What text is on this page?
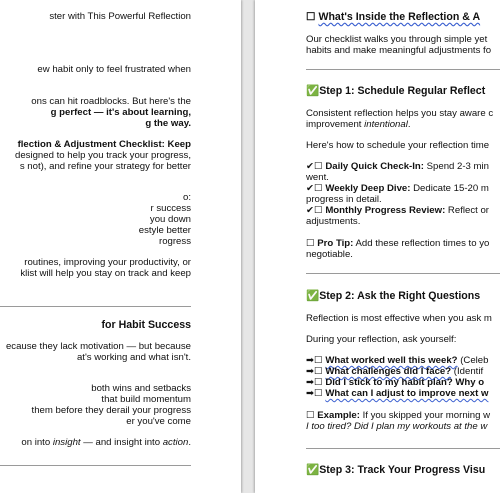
ster with This Powerful Reflection
ew habit only to feel frustrated when
ons can hit roadblocks. But here's the
g perfect — it's about learning,
g the way.
flection & Adjustment Checklist: Keep
designed to help you track your progress,
s not), and refine your strategy for better
o:
r success
you down
estyle better
rogress
routines, improving your productivity, or
klist will help you stay on track and keep
for Habit Success
ecause they lack motivation — but because
at's working and what isn't.
both wins and setbacks
that build momentum
them before they derail your progress
er you've come
on into insight — and insight into action.
☐ What's Inside the Reflection & A
Our checklist walks you through simple yet
habits and make meaningful adjustments fo
✅Step 1: Schedule Regular Reflect
Consistent reflection helps you stay aware c
improvement intentional.
Here's how to schedule your reflection time
✔☐ Daily Quick Check-In: Spend 2-3 min
went.
✔☐ Weekly Deep Dive: Dedicate 15-20 m
progress in detail.
✔☐ Monthly Progress Review: Reflect or
adjustments.
☐ Pro Tip: Add these reflection times to yo
negotiable.
✅Step 2: Ask the Right Questions
Reflection is most effective when you ask m
During your reflection, ask yourself:
➡☐ What worked well this week? (Celeb
➡☐ What challenges did I face? (Identif
➡☐ Did I stick to my habit plan? Why o
➡☐ What can I adjust to improve next w
☐ Example: If you skipped your morning w
I too tired? Did I plan my workouts at the w
✅Step 3: Track Your Progress Visu
